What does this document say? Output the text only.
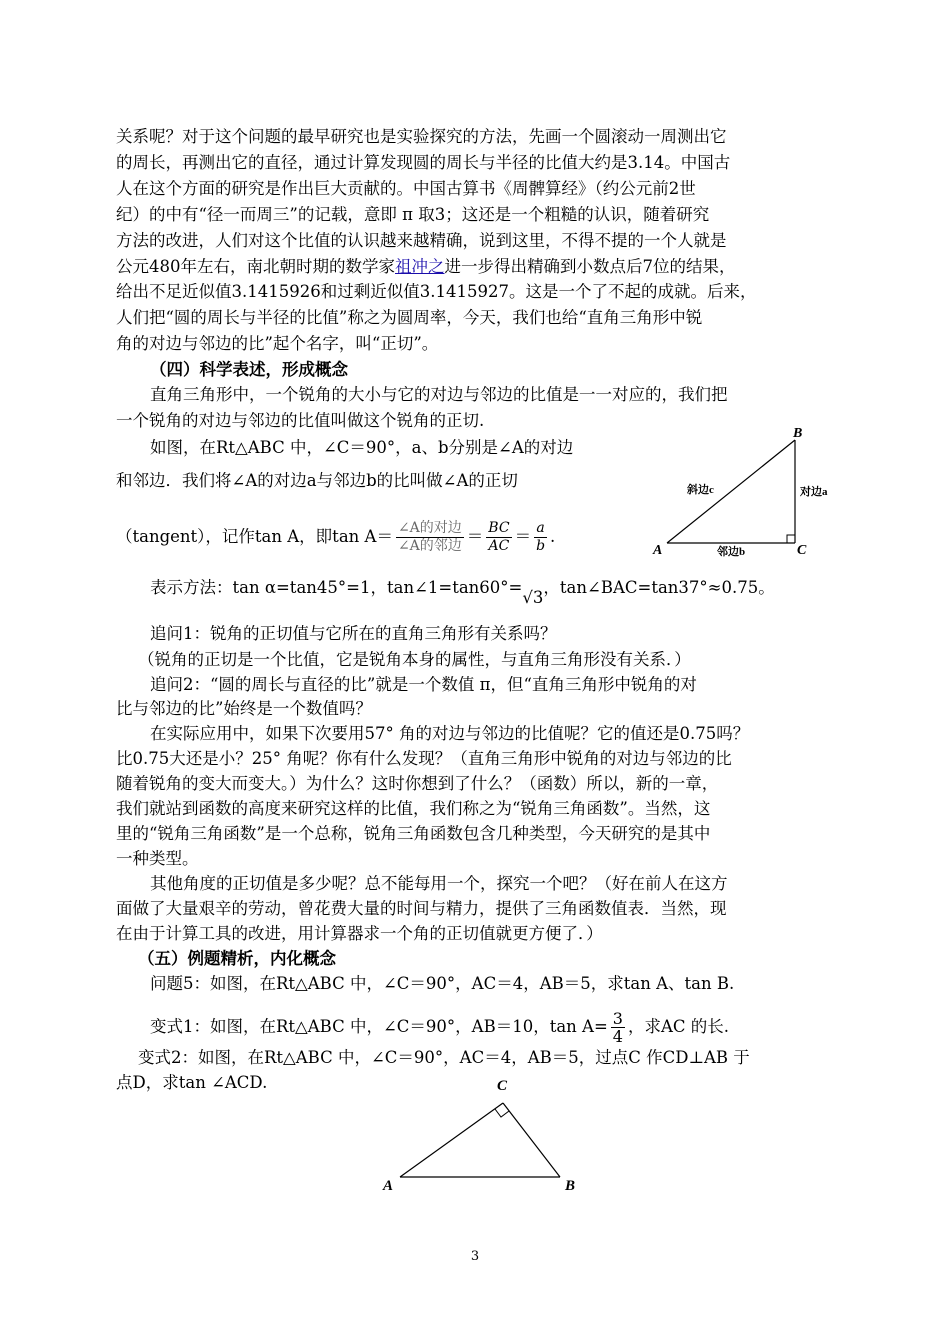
关系呢？对于这个问题的最早研究也是实验探究的方法，先画一个圆滚动一周测出它
的周长，再测出它的直径，通过计算发现圆的周长与半径的比值大约是3.14。中国古
人在这个方面的研究是作出巨大贡献的。中国古算书《周髀算经》（约公元前2世
纪）的中有“径一而周三”的记载，意即 π 取3；这还是一个粗糙的认识，随着研究
方法的改进，人们对这个比值的认识越来越精确，说到这里，不得不提的一个人就是
公元480年左右，南北朝时期的数学家祖冲之进一步得出精确到小数点后7位的结果，
给出不足近似值3.1415926和过剩近似值3.1415927。这是一个了不起的成就。后来，
人们把“圆的周长与半径的比值”称之为圆周率，今天，我们也给“直角三角形中锐
角的对边与邻边的比”起个名字，叫“正切”。
（四）科学表述，形成概念
直角三角形中，一个锐角的大小与它的对边与邻边的比值是一一对应的，我们把
一个锐角的对边与邻边的比值叫做这个锐角的正切.
如图，在Rt△ABC 中，∠C＝90°，a、b分别是∠A的对边
和邻边．我们将∠A的对边a与邻边b的比叫做∠A的正切
（tangent），记作tan A，即$\tan A= \frac{\text{∠A的对边}}{\text{∠A的邻边}} = \frac{BC}{AC} = \frac{a}{b}$ .
B
A	C
斜边c	对边a
邻边b
表示方法：tan α=tan45°=1，tan∠1=tan60°=√3，tan∠BAC=tan37°≈0.75。
追问1：锐角的正切值与它所在的直角三角形有关系吗？
（锐角的正切是一个比值，它是锐角本身的属性，与直角三角形没有关系．）
追问2：“圆的周长与直径的比”就是一个数值 π，但“直角三角形中锐角的对
比与邻边的比”始终是一个数值吗？
在实际应用中，如果下次要用57° 角的对边与邻边的比值呢？它的值还是0.75吗？
比0.75大还是小？25° 角呢？你有什么发现？（直角三角形中锐角的对边与邻边的比
随着锐角的变大而变大。）为什么？这时你想到了什么？（函数）所以，新的一章，
我们就站到函数的高度来研究这样的比值，我们称之为“锐角三角函数”。当然，这
里的“锐角三角函数”是一个总称，锐角三角函数包含几种类型，今天研究的是其中
一种类型。
其他角度的正切值是多少呢？总不能每用一个，探究一个吧？（好在前人在这方
面做了大量艰辛的劳动，曾花费大量的时间与精力，提供了三角函数值表．当然，现
在由于计算工具的改进，用计算器求一个角的正切值就更方便了．）
（五）例题精析，内化概念
问题5：如图，在Rt△ABC 中，∠C＝90°，AC＝4，AB＝5，求tan A、tan B.
变式1：如图，在Rt△ABC 中，∠C＝90°，AB＝10，$\tan A= \frac{3}{4}$ ，求AC 的长.
变式2：如图，在Rt△ABC 中，∠C＝90°，AC＝4，AB＝5，过点C 作CD⊥AB 于
点D，求tan ∠ACD.	C
A	B
3
